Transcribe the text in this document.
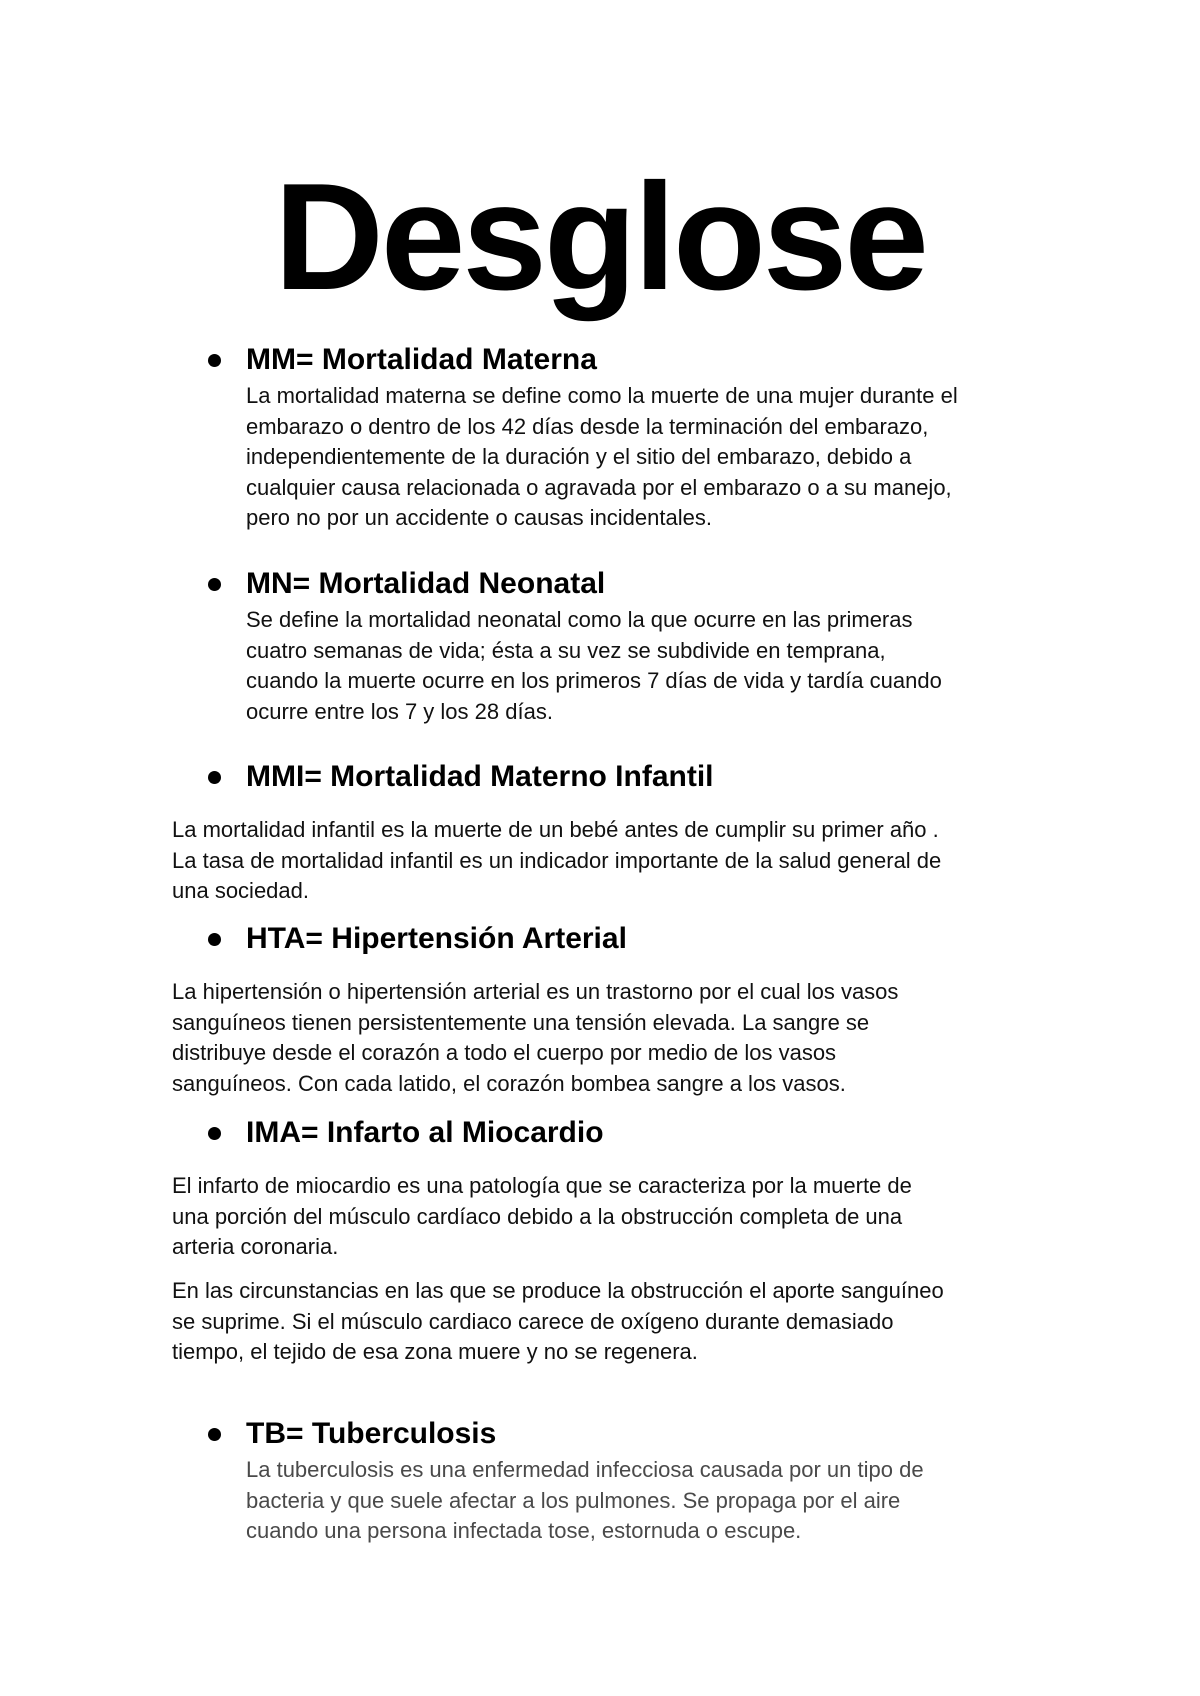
Desglose
MM= Mortalidad Materna
La mortalidad materna se define como la muerte de una mujer durante el
embarazo o dentro de los 42 días desde la terminación del embarazo,
independientemente de la duración y el sitio del embarazo, debido a
cualquier causa relacionada o agravada por el embarazo o a su manejo,
pero no por un accidente o causas incidentales.
MN= Mortalidad Neonatal
Se define la mortalidad neonatal como la que ocurre en las primeras
cuatro semanas de vida; ésta a su vez se subdivide en temprana,
cuando la muerte ocurre en los primeros 7 días de vida y tardía cuando
ocurre entre los 7 y los 28 días.
MMI= Mortalidad Materno Infantil
La mortalidad infantil es la muerte de un bebé antes de cumplir su primer año .
La tasa de mortalidad infantil es un indicador importante de la salud general de
una sociedad.
HTA= Hipertensión Arterial
La hipertensión o hipertensión arterial es un trastorno por el cual los vasos
sanguíneos tienen persistentemente una tensión elevada. La sangre se
distribuye desde el corazón a todo el cuerpo por medio de los vasos
sanguíneos. Con cada latido, el corazón bombea sangre a los vasos.
IMA= Infarto al Miocardio
El infarto de miocardio es una patología que se caracteriza por la muerte de
una porción del músculo cardíaco debido a la obstrucción completa de una
arteria coronaria.
En las circunstancias en las que se produce la obstrucción el aporte sanguíneo
se suprime. Si el músculo cardiaco carece de oxígeno durante demasiado
tiempo, el tejido de esa zona muere y no se regenera.
TB= Tuberculosis
La tuberculosis es una enfermedad infecciosa causada por un tipo de
bacteria y que suele afectar a los pulmones. Se propaga por el aire
cuando una persona infectada tose, estornuda o escupe.
